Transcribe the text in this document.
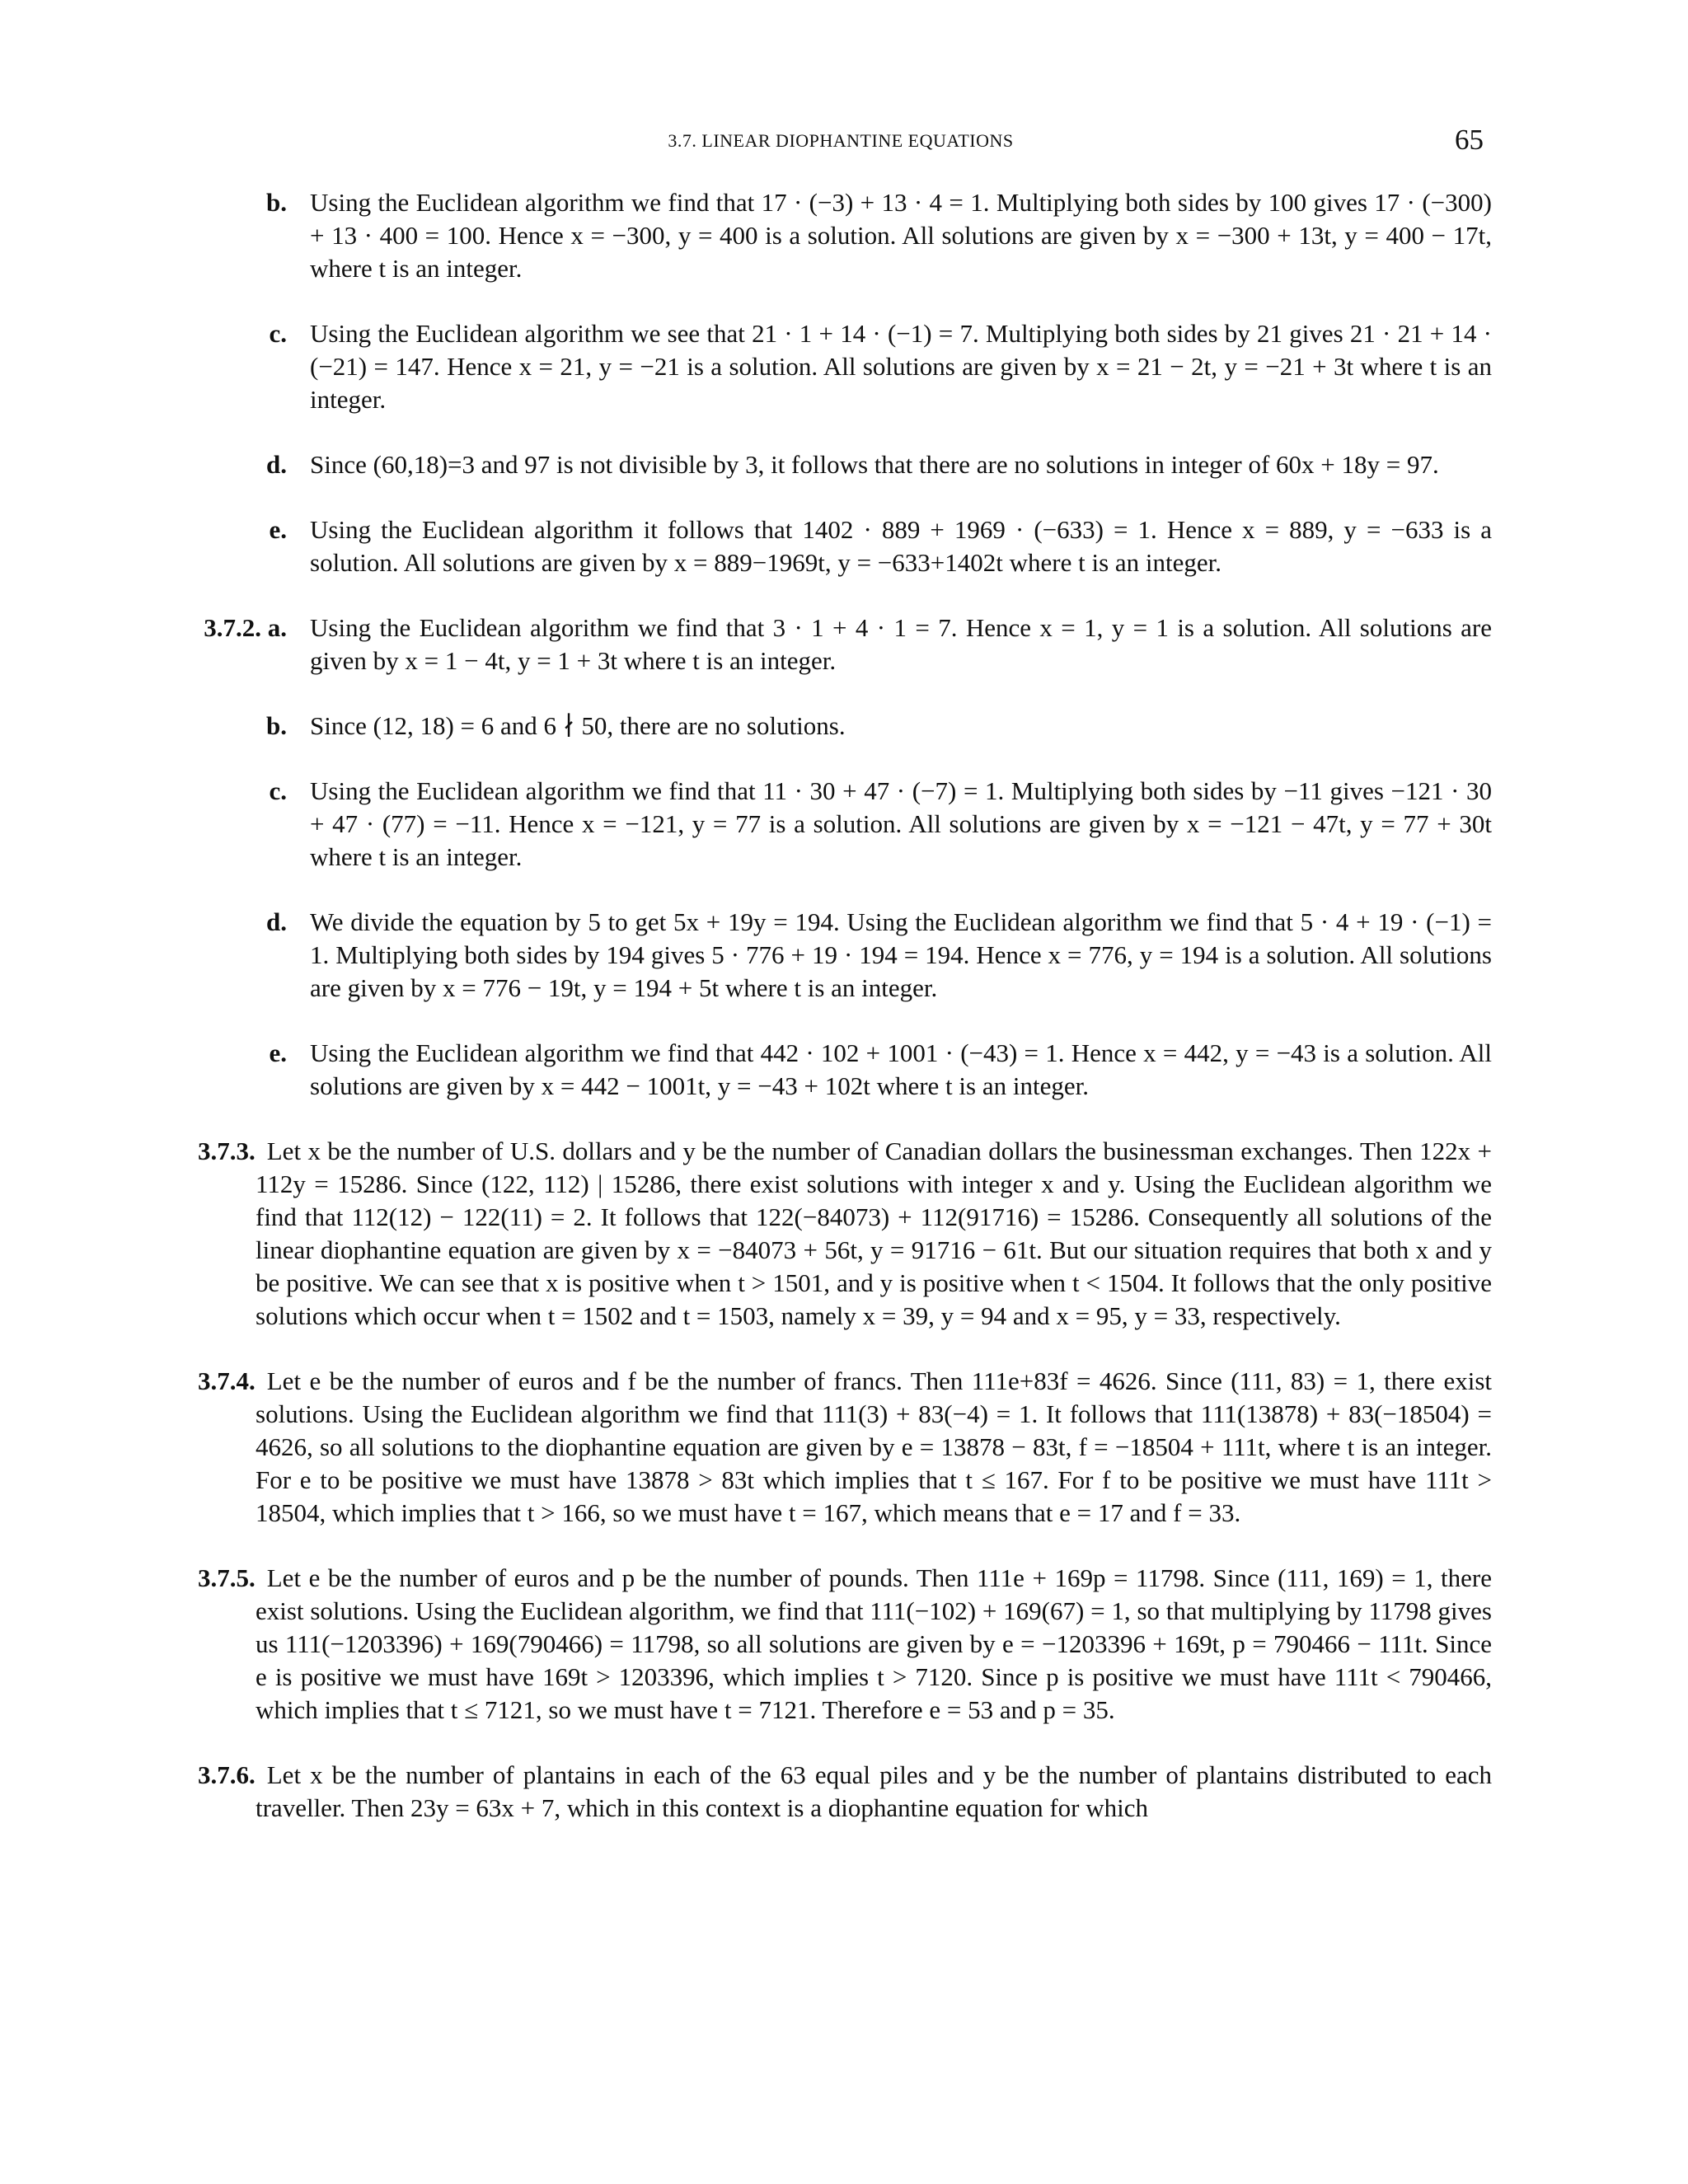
3.7. LINEAR DIOPHANTINE EQUATIONS	65
b. Using the Euclidean algorithm we find that 17 · (−3) + 13 · 4 = 1. Multiplying both sides by 100 gives 17 · (−300) + 13 · 400 = 100. Hence x = −300, y = 400 is a solution. All solutions are given by x = −300 + 13t, y = 400 − 17t, where t is an integer.
c. Using the Euclidean algorithm we see that 21 · 1 + 14 · (−1) = 7. Multiplying both sides by 21 gives 21 · 21 + 14 · (−21) = 147. Hence x = 21, y = −21 is a solution. All solutions are given by x = 21 − 2t, y = −21 + 3t where t is an integer.
d. Since (60,18)=3 and 97 is not divisible by 3, it follows that there are no solutions in integer of 60x + 18y = 97.
e. Using the Euclidean algorithm it follows that 1402 · 889 + 1969 · (−633) = 1. Hence x = 889, y = −633 is a solution. All solutions are given by x = 889−1969t, y = −633+1402t where t is an integer.
3.7.2. a. Using the Euclidean algorithm we find that 3 · 1 + 4 · 1 = 7. Hence x = 1, y = 1 is a solution. All solutions are given by x = 1 − 4t, y = 1 + 3t where t is an integer.
b. Since (12, 18) = 6 and 6 ∤ 50, there are no solutions.
c. Using the Euclidean algorithm we find that 11 · 30 + 47 · (−7) = 1. Multiplying both sides by −11 gives −121 · 30 + 47 · (77) = −11. Hence x = −121, y = 77 is a solution. All solutions are given by x = −121 − 47t, y = 77 + 30t where t is an integer.
d. We divide the equation by 5 to get 5x + 19y = 194. Using the Euclidean algorithm we find that 5 · 4 + 19 · (−1) = 1. Multiplying both sides by 194 gives 5 · 776 + 19 · 194 = 194. Hence x = 776, y = 194 is a solution. All solutions are given by x = 776 − 19t, y = 194 + 5t where t is an integer.
e. Using the Euclidean algorithm we find that 442 · 102 + 1001 · (−43) = 1. Hence x = 442, y = −43 is a solution. All solutions are given by x = 442 − 1001t, y = −43 + 102t where t is an integer.
3.7.3. Let x be the number of U.S. dollars and y be the number of Canadian dollars the businessman exchanges. Then 122x + 112y = 15286. Since (122, 112) | 15286, there exist solutions with integer x and y. Using the Euclidean algorithm we find that 112(12) − 122(11) = 2. It follows that 122(−84073) + 112(91716) = 15286. Consequently all solutions of the linear diophantine equation are given by x = −84073 + 56t, y = 91716 − 61t. But our situation requires that both x and y be positive. We can see that x is positive when t > 1501, and y is positive when t < 1504. It follows that the only positive solutions which occur when t = 1502 and t = 1503, namely x = 39, y = 94 and x = 95, y = 33, respectively.
3.7.4. Let e be the number of euros and f be the number of francs. Then 111e+83f = 4626. Since (111, 83) = 1, there exist solutions. Using the Euclidean algorithm we find that 111(3) + 83(−4) = 1. It follows that 111(13878) + 83(−18504) = 4626, so all solutions to the diophantine equation are given by e = 13878 − 83t, f = −18504 + 111t, where t is an integer. For e to be positive we must have 13878 > 83t which implies that t ≤ 167. For f to be positive we must have 111t > 18504, which implies that t > 166, so we must have t = 167, which means that e = 17 and f = 33.
3.7.5. Let e be the number of euros and p be the number of pounds. Then 111e + 169p = 11798. Since (111, 169) = 1, there exist solutions. Using the Euclidean algorithm, we find that 111(−102) + 169(67) = 1, so that multiplying by 11798 gives us 111(−1203396) + 169(790466) = 11798, so all solutions are given by e = −1203396 + 169t, p = 790466 − 111t. Since e is positive we must have 169t > 1203396, which implies t > 7120. Since p is positive we must have 111t < 790466, which implies that t ≤ 7121, so we must have t = 7121. Therefore e = 53 and p = 35.
3.7.6. Let x be the number of plantains in each of the 63 equal piles and y be the number of plantains distributed to each traveller. Then 23y = 63x + 7, which in this context is a diophantine equation for which
